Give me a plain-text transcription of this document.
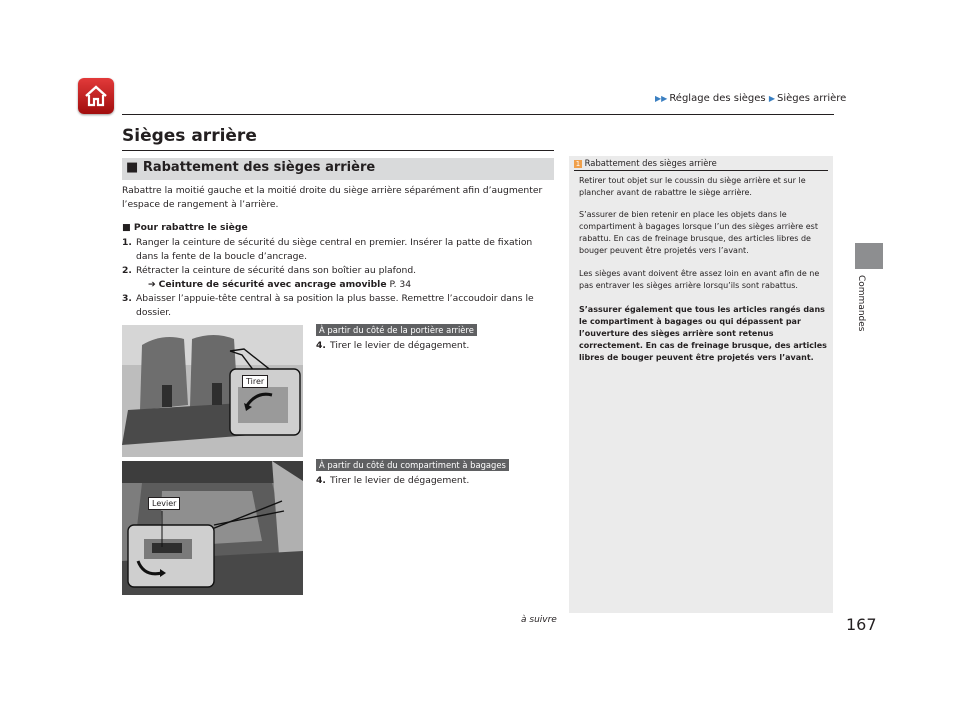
▶▶ Réglage des sièges ▶ Sièges arrière
Sièges arrière
■ Rabattement des sièges arrière
Rabattre la moitié gauche et la moitié droite du siège arrière séparément afin d’augmenter l’espace de rangement à l’arrière.
■ Pour rabattre le siège
1. Ranger la ceinture de sécurité du siège central en premier. Insérer la patte de fixation dans la fente de la boucle d’ancrage.
2. Rétracter la ceinture de sécurité dans son boîtier au plafond.
➔ Ceinture de sécurité avec ancrage amovible P. 34
3. Abaisser l’appuie-tête central à sa position la plus basse. Remettre l’accoudoir dans le dossier.
Tirer
À partir du côté de la portière arrière
4. Tirer le levier de dégagement.
Levier
À partir du côté du compartiment à bagages
4. Tirer le levier de dégagement.
1 Rabattement des sièges arrière
Retirer tout objet sur le coussin du siège arrière et sur le plancher avant de rabattre le siège arrière.
S’assurer de bien retenir en place les objets dans le compartiment à bagages lorsque l’un des sièges arrière est rabattu. En cas de freinage brusque, des articles libres de bouger peuvent être projetés vers l’avant.
Les sièges avant doivent être assez loin en avant afin de ne pas entraver les sièges arrière lorsqu’ils sont rabattus.
S’assurer également que tous les articles rangés dans le compartiment à bagages ou qui dépassent par l’ouverture des sièges arrière sont retenus correctement. En cas de freinage brusque, des articles libres de bouger peuvent être projetés vers l’avant.
Commandes
à suivre	167
